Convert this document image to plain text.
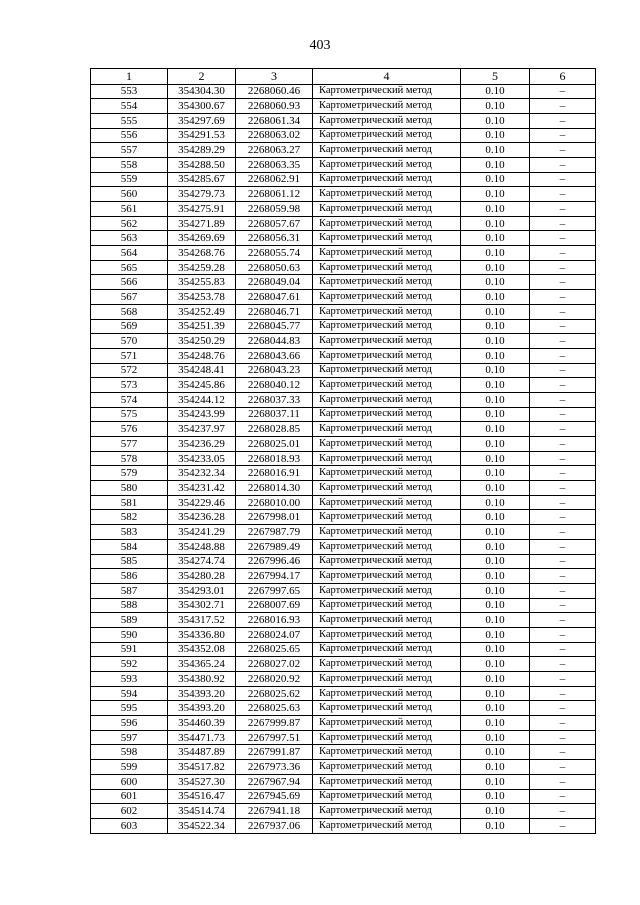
403
1	2	3	4	5	6
553	354304.30	2268060.46	Картометрический метод	0.10	–
554	354300.67	2268060.93	Картометрический метод	0.10	–
555	354297.69	2268061.34	Картометрический метод	0.10	–
556	354291.53	2268063.02	Картометрический метод	0.10	–
557	354289.29	2268063.27	Картометрический метод	0.10	–
558	354288.50	2268063.35	Картометрический метод	0.10	–
559	354285.67	2268062.91	Картометрический метод	0.10	–
560	354279.73	2268061.12	Картометрический метод	0.10	–
561	354275.91	2268059.98	Картометрический метод	0.10	–
562	354271.89	2268057.67	Картометрический метод	0.10	–
563	354269.69	2268056.31	Картометрический метод	0.10	–
564	354268.76	2268055.74	Картометрический метод	0.10	–
565	354259.28	2268050.63	Картометрический метод	0.10	–
566	354255.83	2268049.04	Картометрический метод	0.10	–
567	354253.78	2268047.61	Картометрический метод	0.10	–
568	354252.49	2268046.71	Картометрический метод	0.10	–
569	354251.39	2268045.77	Картометрический метод	0.10	–
570	354250.29	2268044.83	Картометрический метод	0.10	–
571	354248.76	2268043.66	Картометрический метод	0.10	–
572	354248.41	2268043.23	Картометрический метод	0.10	–
573	354245.86	2268040.12	Картометрический метод	0.10	–
574	354244.12	2268037.33	Картометрический метод	0.10	–
575	354243.99	2268037.11	Картометрический метод	0.10	–
576	354237.97	2268028.85	Картометрический метод	0.10	–
577	354236.29	2268025.01	Картометрический метод	0.10	–
578	354233.05	2268018.93	Картометрический метод	0.10	–
579	354232.34	2268016.91	Картометрический метод	0.10	–
580	354231.42	2268014.30	Картометрический метод	0.10	–
581	354229.46	2268010.00	Картометрический метод	0.10	–
582	354236.28	2267998.01	Картометрический метод	0.10	–
583	354241.29	2267987.79	Картометрический метод	0.10	–
584	354248.88	2267989.49	Картометрический метод	0.10	–
585	354274.74	2267996.46	Картометрический метод	0.10	–
586	354280.28	2267994.17	Картометрический метод	0.10	–
587	354293.01	2267997.65	Картометрический метод	0.10	–
588	354302.71	2268007.69	Картометрический метод	0.10	–
589	354317.52	2268016.93	Картометрический метод	0.10	–
590	354336.80	2268024.07	Картометрический метод	0.10	–
591	354352.08	2268025.65	Картометрический метод	0.10	–
592	354365.24	2268027.02	Картометрический метод	0.10	–
593	354380.92	2268020.92	Картометрический метод	0.10	–
594	354393.20	2268025.62	Картометрический метод	0.10	–
595	354393.20	2268025.63	Картометрический метод	0.10	–
596	354460.39	2267999.87	Картометрический метод	0.10	–
597	354471.73	2267997.51	Картометрический метод	0.10	–
598	354487.89	2267991.87	Картометрический метод	0.10	–
599	354517.82	2267973.36	Картометрический метод	0.10	–
600	354527.30	2267967.94	Картометрический метод	0.10	–
601	354516.47	2267945.69	Картометрический метод	0.10	–
602	354514.74	2267941.18	Картометрический метод	0.10	–
603	354522.34	2267937.06	Картометрический метод	0.10	–
